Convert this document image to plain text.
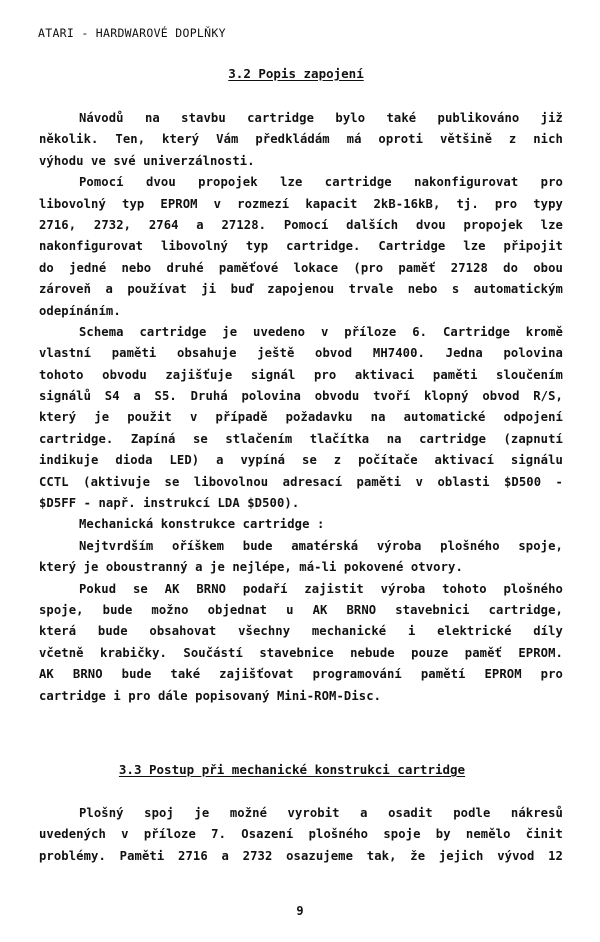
ATARI - HARDWAROVÉ DOPLŇKY
3.2 Popis zapojení
Návodů na stavbu cartridge bylo také publikováno již
několik. Ten, který Vám předkládám má oproti většině z nich
výhodu ve své univerzálnosti.
Pomocí dvou propojek lze cartridge nakonfigurovat pro
libovolný typ EPROM v rozmezí kapacit 2kB-16kB, tj. pro typy
2716, 2732, 2764 a 27128. Pomocí dalších dvou propojek lze
nakonfigurovat libovolný typ cartridge. Cartridge lze připojit
do jedné nebo druhé paměťové lokace (pro paměť 27128 do obou
zároveň a používat ji buď zapojenou trvale nebo s automatickým
odepínáním.
Schema cartridge je uvedeno v příloze 6. Cartridge kromě
vlastní paměti obsahuje ještě obvod MH7400. Jedna polovina
tohoto obvodu zajišťuje signál pro aktivaci paměti sloučením
signálů S4 a S5. Druhá polovina obvodu tvoří klopný obvod R/S,
který je použit v případě požadavku na automatické odpojení
cartridge. Zapíná se stlačením tlačítka na cartridge (zapnutí
indikuje dioda LED) a vypíná se z počítače aktivací signálu
CCTL (aktivuje se libovolnou adresací paměti v oblasti $D500 -
$D5FF - např. instrukcí LDA $D500).
Mechanická konstrukce cartridge :
Nejtvrdším oříškem bude amatérská výroba plošného spoje,
který je oboustranný a je nejlépe, má-li pokovené otvory.
Pokud se AK BRNO podaří zajistit výroba tohoto plošného
spoje, bude možno objednat u AK BRNO stavebnici cartridge,
která bude obsahovat všechny mechanické i elektrické díly
včetně krabičky. Součástí stavebnice nebude pouze paměť EPROM.
AK BRNO bude také zajišťovat programování pamětí EPROM pro
cartridge i pro dále popisovaný Mini-ROM-Disc.
3.3 Postup při mechanické konstrukci cartridge
Plošný spoj je možné vyrobit a osadit podle nákresů
uvedených v příloze 7. Osazení plošného spoje by nemělo činit
problémy. Paměti 2716 a 2732 osazujeme tak, že jejich vývod 12
9
